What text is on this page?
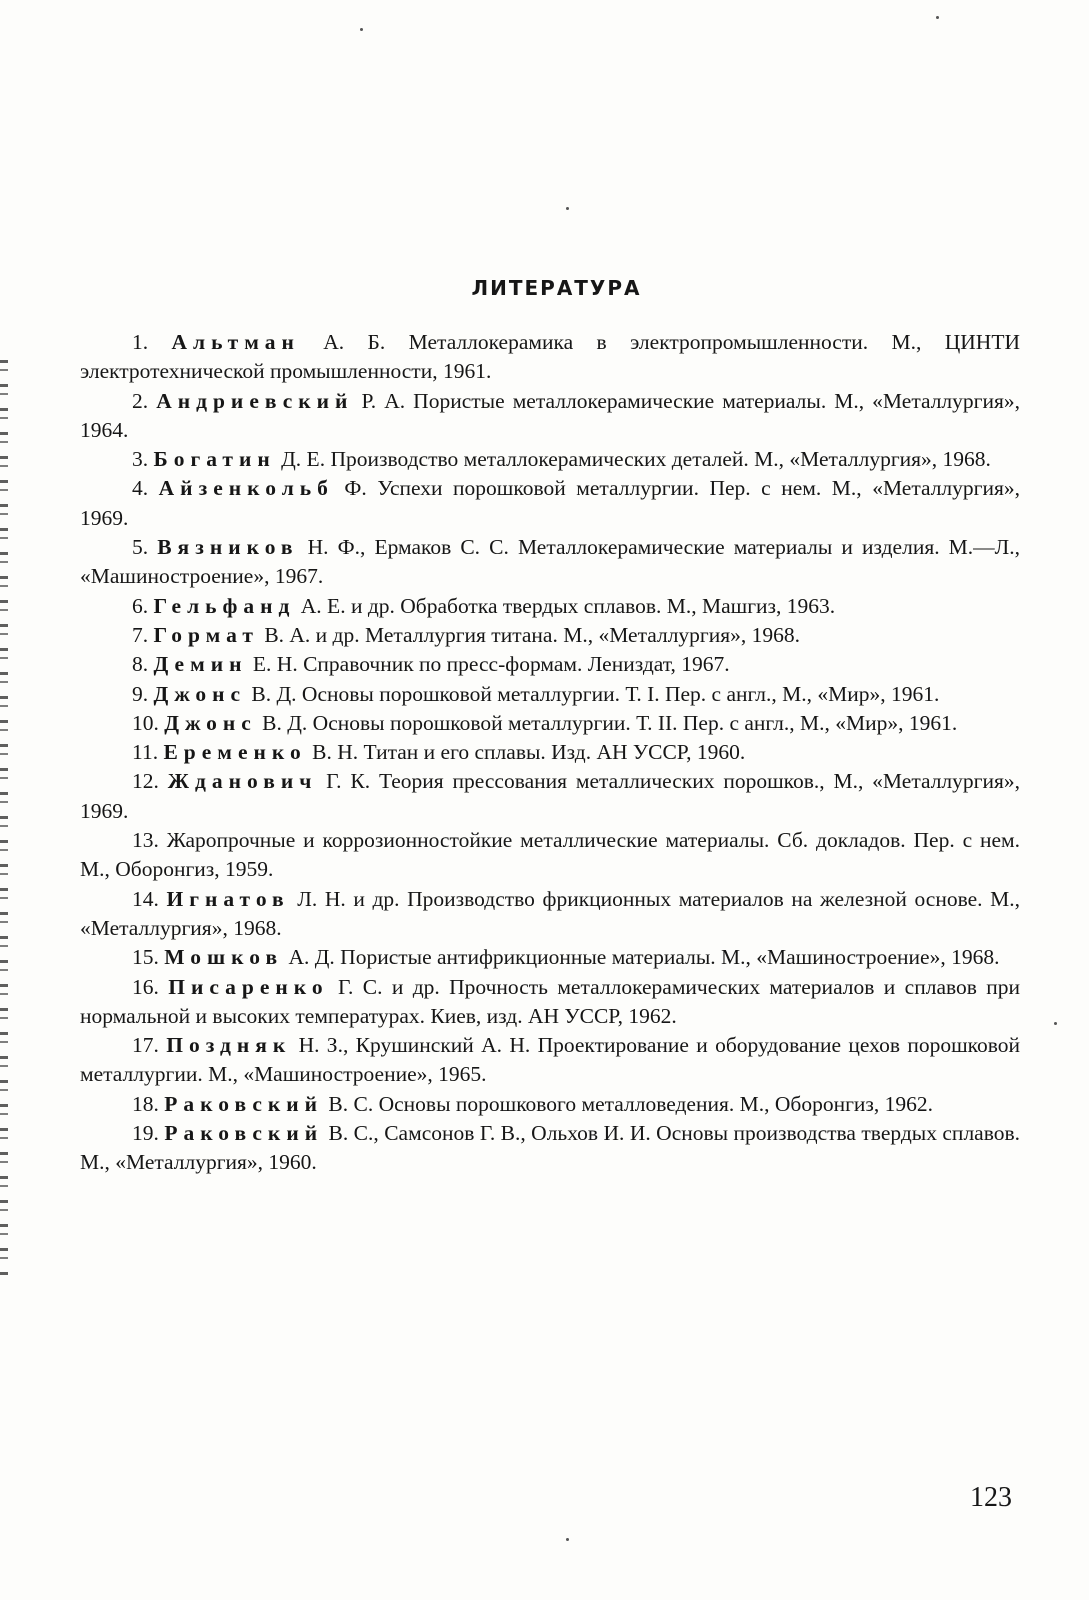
ЛИТЕРАТУРА

1. Альтман А. Б. Металлокерамика в электропромышленности. М., ЦИНТИ электротехнической промышленности, 1961.

2. Андриевский Р. А. Пористые металлокерамические материалы. М., «Металлургия», 1964.

3. Богатин Д. Е. Производство металлокерамических деталей. М., «Металлургия», 1968.

4. Айзенкольб Ф. Успехи порошковой металлургии. Пер. с нем. М., «Металлургия», 1969.

5. Вязников Н. Ф., Ермаков С. С. Металлокерамические материалы и изделия. М.—Л., «Машиностроение», 1967.

6. Гельфанд А. Е. и др. Обработка твердых сплавов. М., Машгиз, 1963.

7. Гормат В. А. и др. Металлургия титана. М., «Металлургия», 1968.

8. Демин Е. Н. Справочник по пресс-формам. Лениздат, 1967.

9. Джонс В. Д. Основы порошковой металлургии. Т. I. Пер. с англ., М., «Мир», 1961.

10. Джонс В. Д. Основы порошковой металлургии. Т. II. Пер. с англ., М., «Мир», 1961.

11. Еременко В. Н. Титан и его сплавы. Изд. АН УССР, 1960.

12. Жданович Г. К. Теория прессования металлических порошков., М., «Металлургия», 1969.

13. Жаропрочные и коррозионностойкие металлические материалы. Сб. докладов. Пер. с нем. М., Оборонгиз, 1959.

14. Игнатов Л. Н. и др. Производство фрикционных материалов на железной основе. М., «Металлургия», 1968.

15. Мошков А. Д. Пористые антифрикционные материалы. М., «Машиностроение», 1968.

16. Писаренко Г. С. и др. Прочность металлокерамических материалов и сплавов при нормальной и высоких температурах. Киев, изд. АН УССР, 1962.

17. Поздняк Н. З., Крушинский А. Н. Проектирование и оборудование цехов порошковой металлургии. М., «Машиностроение», 1965.

18. Раковский В. С. Основы порошкового металловедения. М., Оборонгиз, 1962.

19. Раковский В. С., Самсонов Г. В., Ольхов И. И. Основы производства твердых сплавов. М., «Металлургия», 1960.

123
